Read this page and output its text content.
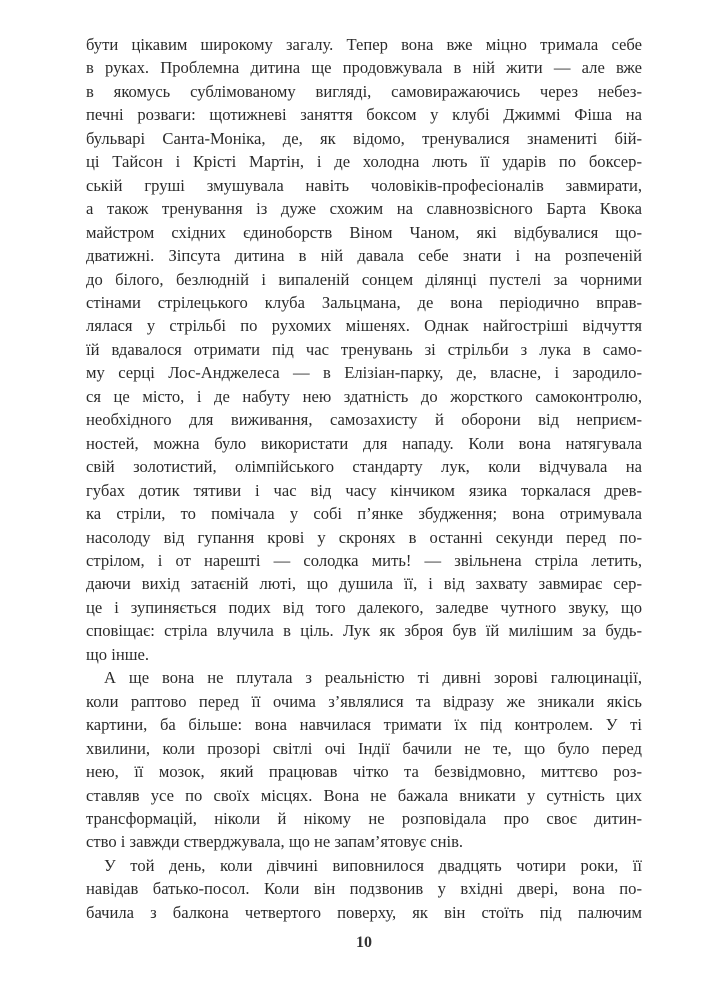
бути цікавим широкому загалу. Тепер вона вже міцно тримала себе
в руках. Проблемна дитина ще продовжувала в ній жити — але вже
в якомусь сублімованому вигляді, самовиражаючись через небез-
печні розваги: щотижневі заняття боксом у клубі Джиммі Фіша на
бульварі Санта-Моніка, де, як відомо, тренувалися знамениті бій-
ці Тайсон і Крісті Мартін, і де холодна лють її ударів по боксер-
ській груші змушувала навіть чоловіків-професіоналів завмирати,
а також тренування із дуже схожим на славнозвісного Барта Квока
майстром східних єдиноборств Віном Чаном, які відбувалися що-
дватижні. Зіпсута дитина в ній давала себе знати і на розпеченій
до білого, безлюдній і випаленій сонцем ділянці пустелі за чорними
стінами стрілецького клуба Зальцмана, де вона періодично вправ-
лялася у стрільбі по рухомих мішенях. Однак найгостріші відчуття
їй вдавалося отримати під час тренувань зі стрільби з лука в само-
му серці Лос-Анджелеса — в Елізіан-парку, де, власне, і зародило-
ся це місто, і де набуту нею здатність до жорсткого самоконтролю,
необхідного для виживання, самозахисту й оборони від неприєм-
ностей, можна було використати для нападу. Коли вона натягувала
свій золотистий, олімпійського стандарту лук, коли відчувала на
губах дотик тятиви і час від часу кінчиком язика торкалася древ-
ка стріли, то помічала у собі п’янке збудження; вона отримувала
насолоду від гупання крові у скронях в останні секунди перед по-
стрілом, і от нарешті — солодка мить! — звільнена стріла летить,
даючи вихід затаєній люті, що душила її, і від захвату завмирає сер-
це і зупиняється подих від того далекого, заледве чутного звуку, що
сповіщає: стріла влучила в ціль. Лук як зброя був їй милішим за будь-
що інше.
А ще вона не плутала з реальністю ті дивні зорові галюцинації,
коли раптово перед її очима з’являлися та відразу же зникали якісь
картини, ба більше: вона навчилася тримати їх під контролем. У ті
хвилини, коли прозорі світлі очі Індії бачили не те, що було перед
нею, її мозок, який працював чітко та безвідмовно, миттєво роз-
ставляв усе по своїх місцях. Вона не бажала вникати у сутність цих
трансформацій, ніколи й нікому не розповідала про своє дитин-
ство і завжди стверджувала, що не запам’ятовує снів.
У той день, коли дівчині виповнилося двадцять чотири роки, її
навідав батько-посол. Коли він подзвонив у вхідні двері, вона по-
бачила з балкона четвертого поверху, як він стоїть під палючим
10
